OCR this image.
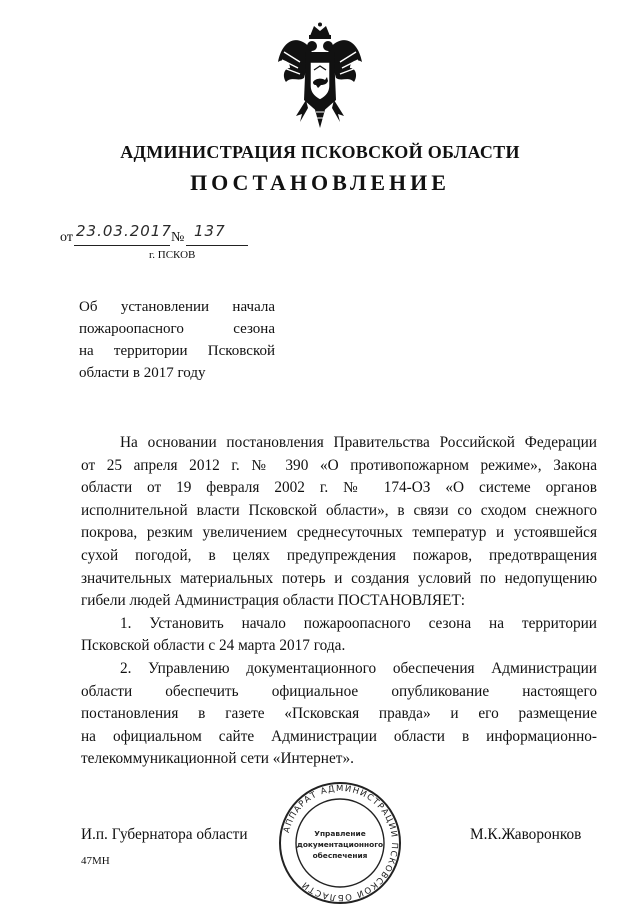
АДМИНИСТРАЦИЯ ПСКОВСКОЙ ОБЛАСТИ
ПОСТАНОВЛЕНИЕ
от 23.03.2017 № 137
г. ПСКОВ
Об установлении начала
пожароопасного сезона
на территории Псковской
области в 2017 году
На основании постановления Правительства Российской Федерации
от 25 апреля 2012 г. № 390 «О противопожарном режиме», Закона
области от 19 февраля 2002 г. № 174-ОЗ «О системе органов
исполнительной власти Псковской области», в связи со сходом снежного
покрова, резким увеличением среднесуточных температур и устоявшейся
сухой погодой, в целях предупреждения пожаров, предотвращения
значительных материальных потерь и создания условий по недопущению
гибели людей Администрация области ПОСТАНОВЛЯЕТ:
1. Установить начало пожароопасного сезона на территории
Псковской области с 24 марта 2017 года.
2. Управлению документационного обеспечения Администрации
области обеспечить официальное опубликование настоящего
постановления в газете «Псковская правда» и его размещение
на официальном сайте Администрации области в информационно-
телекоммуникационной сети «Интернет».
И.п. Губернатора области	М.К.Жаворонков
47МН
АППАРАТ АДМИНИСТРАЦИИ ПСКОВСКОЙ ОБЛАСТИ
Управление
документационного
обеспечения
